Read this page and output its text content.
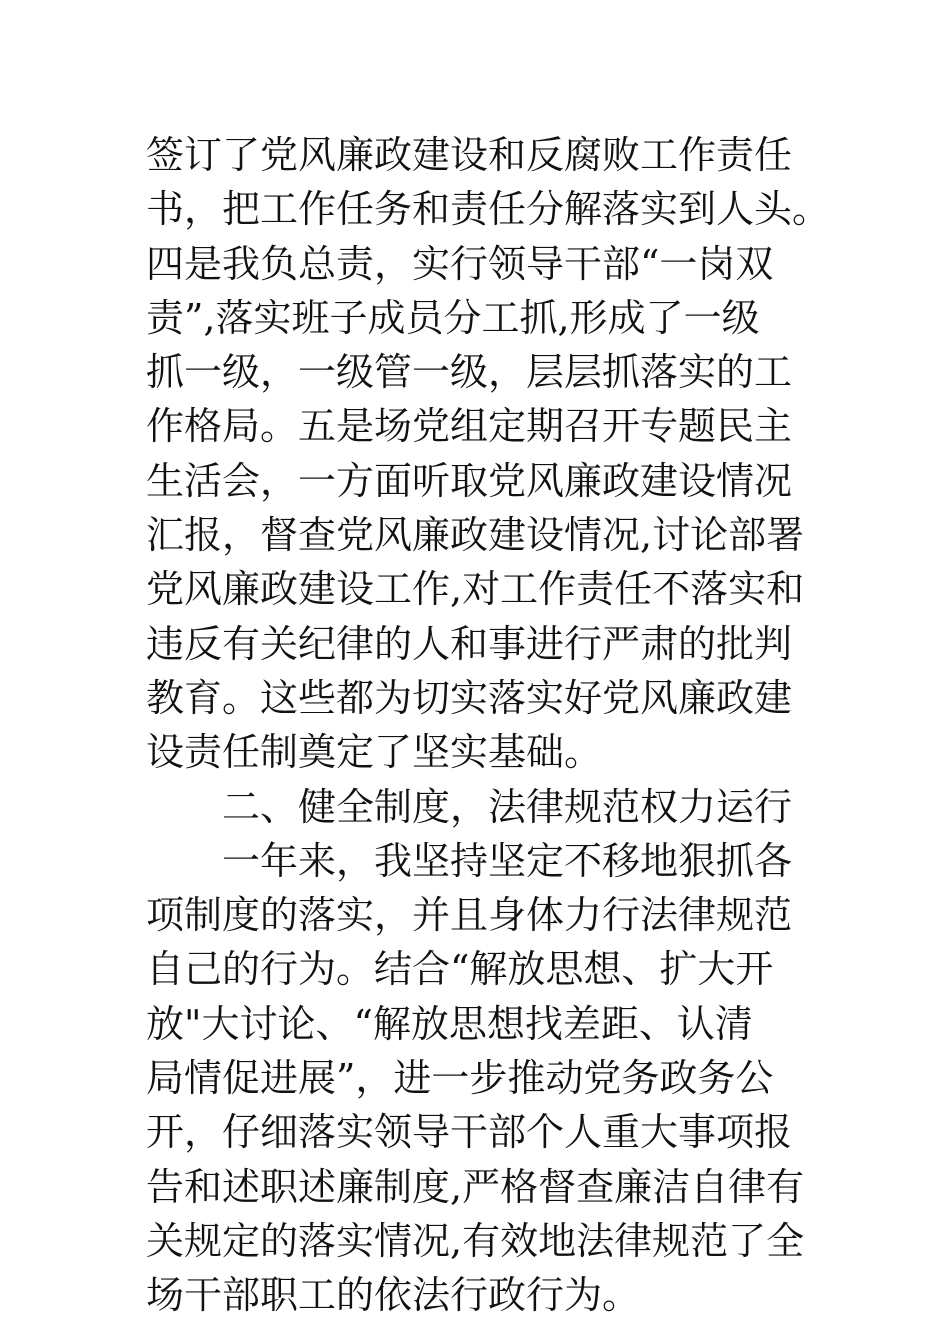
签订了党风廉政建设和反腐败工作责任
书，把工作任务和责任分解落实到人头。
四是我负总责，实行领导干部“一岗双
责”,落实班子成员分工抓,形成了一级
抓一级，一级管一级，层层抓落实的工
作格局。五是场党组定期召开专题民主
生活会，一方面听取党风廉政建设情况
汇报，督查党风廉政建设情况,讨论部署
党风廉政建设工作,对工作责任不落实和
违反有关纪律的人和事进行严肃的批判
教育。这些都为切实落实好党风廉政建
设责任制奠定了坚实基础。
二、健全制度，法律规范权力运行
一年来，我坚持坚定不移地狠抓各
项制度的落实，并且身体力行法律规范
自己的行为。结合“解放思想、扩大开
放"大讨论、“解放思想找差距、认清
局情促进展”，进一步推动党务政务公
开，仔细落实领导干部个人重大事项报
告和述职述廉制度,严格督查廉洁自律有
关规定的落实情况,有效地法律规范了全
场干部职工的依法行政行为。
